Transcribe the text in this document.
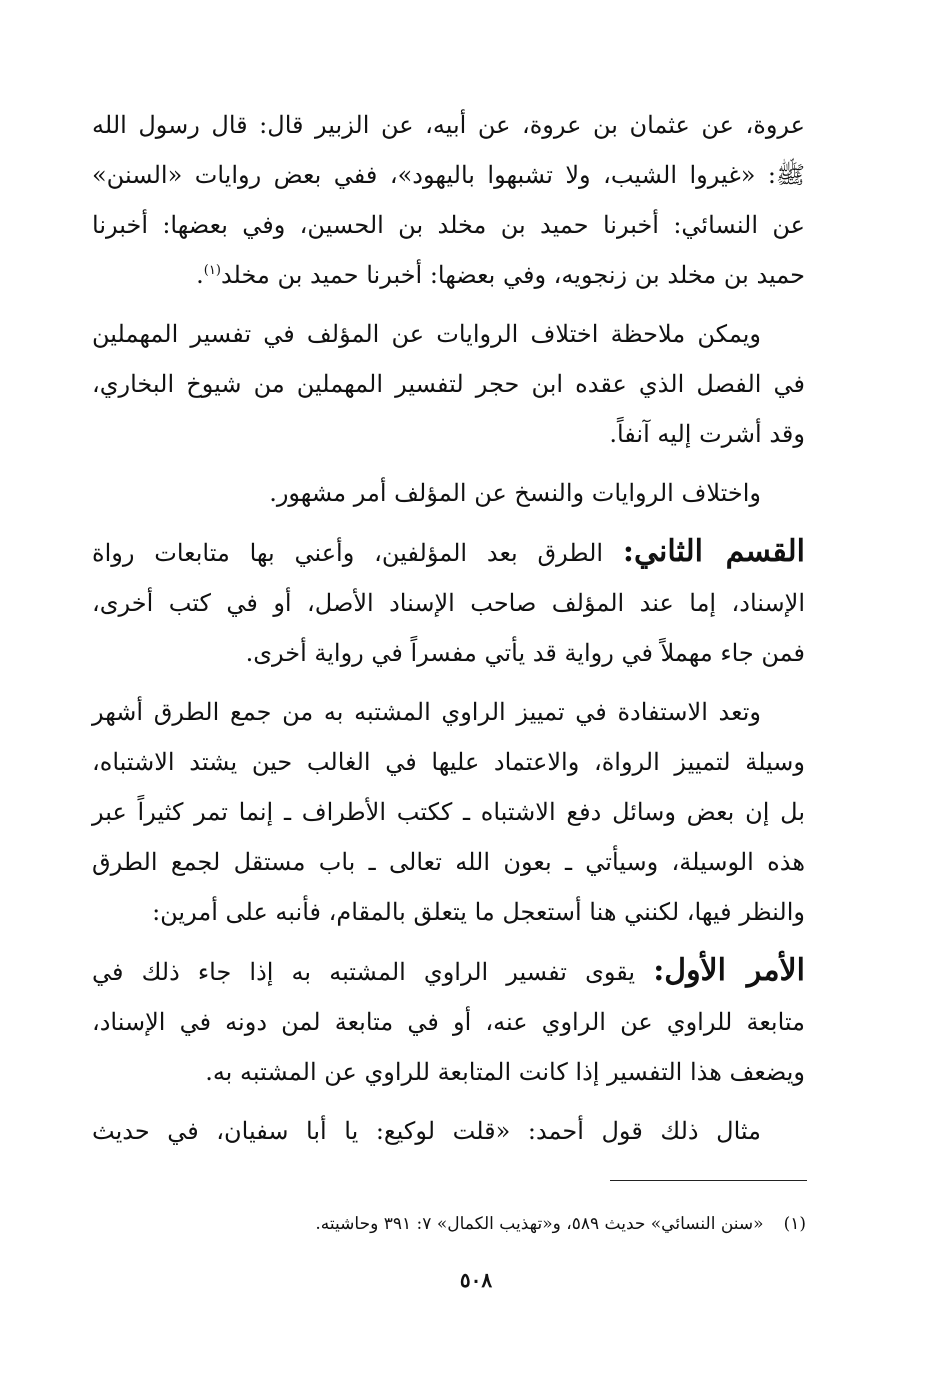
عروة، عن عثمان بن عروة، عن أبيه، عن الزبير قال: قال رسول الله
ﷺ: «غيروا الشيب، ولا تشبهوا باليهود»، ففي بعض روايات «السنن»
عن النسائي: أخبرنا حميد بن مخلد بن الحسين، وفي بعضها: أخبرنا
حميد بن مخلد بن زنجويه، وفي بعضها: أخبرنا حميد بن مخلد$^{(١)}$.
ويمكن ملاحظة اختلاف الروايات عن المؤلف في تفسير المهملين
في الفصل الذي عقده ابن حجر لتفسير المهملين من شيوخ البخاري،
وقد أشرت إليه آنفاً.
واختلاف الروايات والنسخ عن المؤلف أمر مشهور.
القسم الثاني: الطرق بعد المؤلفين، وأعني بها متابعات رواة
الإسناد، إما عند المؤلف صاحب الإسناد الأصل، أو في كتب أخرى،
فمن جاء مهملاً في رواية قد يأتي مفسراً في رواية أخرى.
وتعد الاستفادة في تمييز الراوي المشتبه به من جمع الطرق أشهر
وسيلة لتمييز الرواة، والاعتماد عليها في الغالب حين يشتد الاشتباه،
بل إن بعض وسائل دفع الاشتباه ـ ككتب الأطراف ـ إنما تمر كثيراً عبر
هذه الوسيلة، وسيأتي ـ بعون الله تعالى ـ باب مستقل لجمع الطرق
والنظر فيها، لكنني هنا أستعجل ما يتعلق بالمقام، فأنبه على أمرين:
الأمر الأول: يقوى تفسير الراوي المشتبه به إذا جاء ذلك في
متابعة للراوي عن الراوي عنه، أو في متابعة لمن دونه في الإسناد،
ويضعف هذا التفسير إذا كانت المتابعة للراوي عن المشتبه به.
مثال ذلك قول أحمد: «قلت لوكيع: يا أبا سفيان، في حديث
(١)«سنن النسائي» حديث ٥٨٩، و«تهذيب الكمال» ٧: ٣٩١ وحاشيته.
٥٠٨
